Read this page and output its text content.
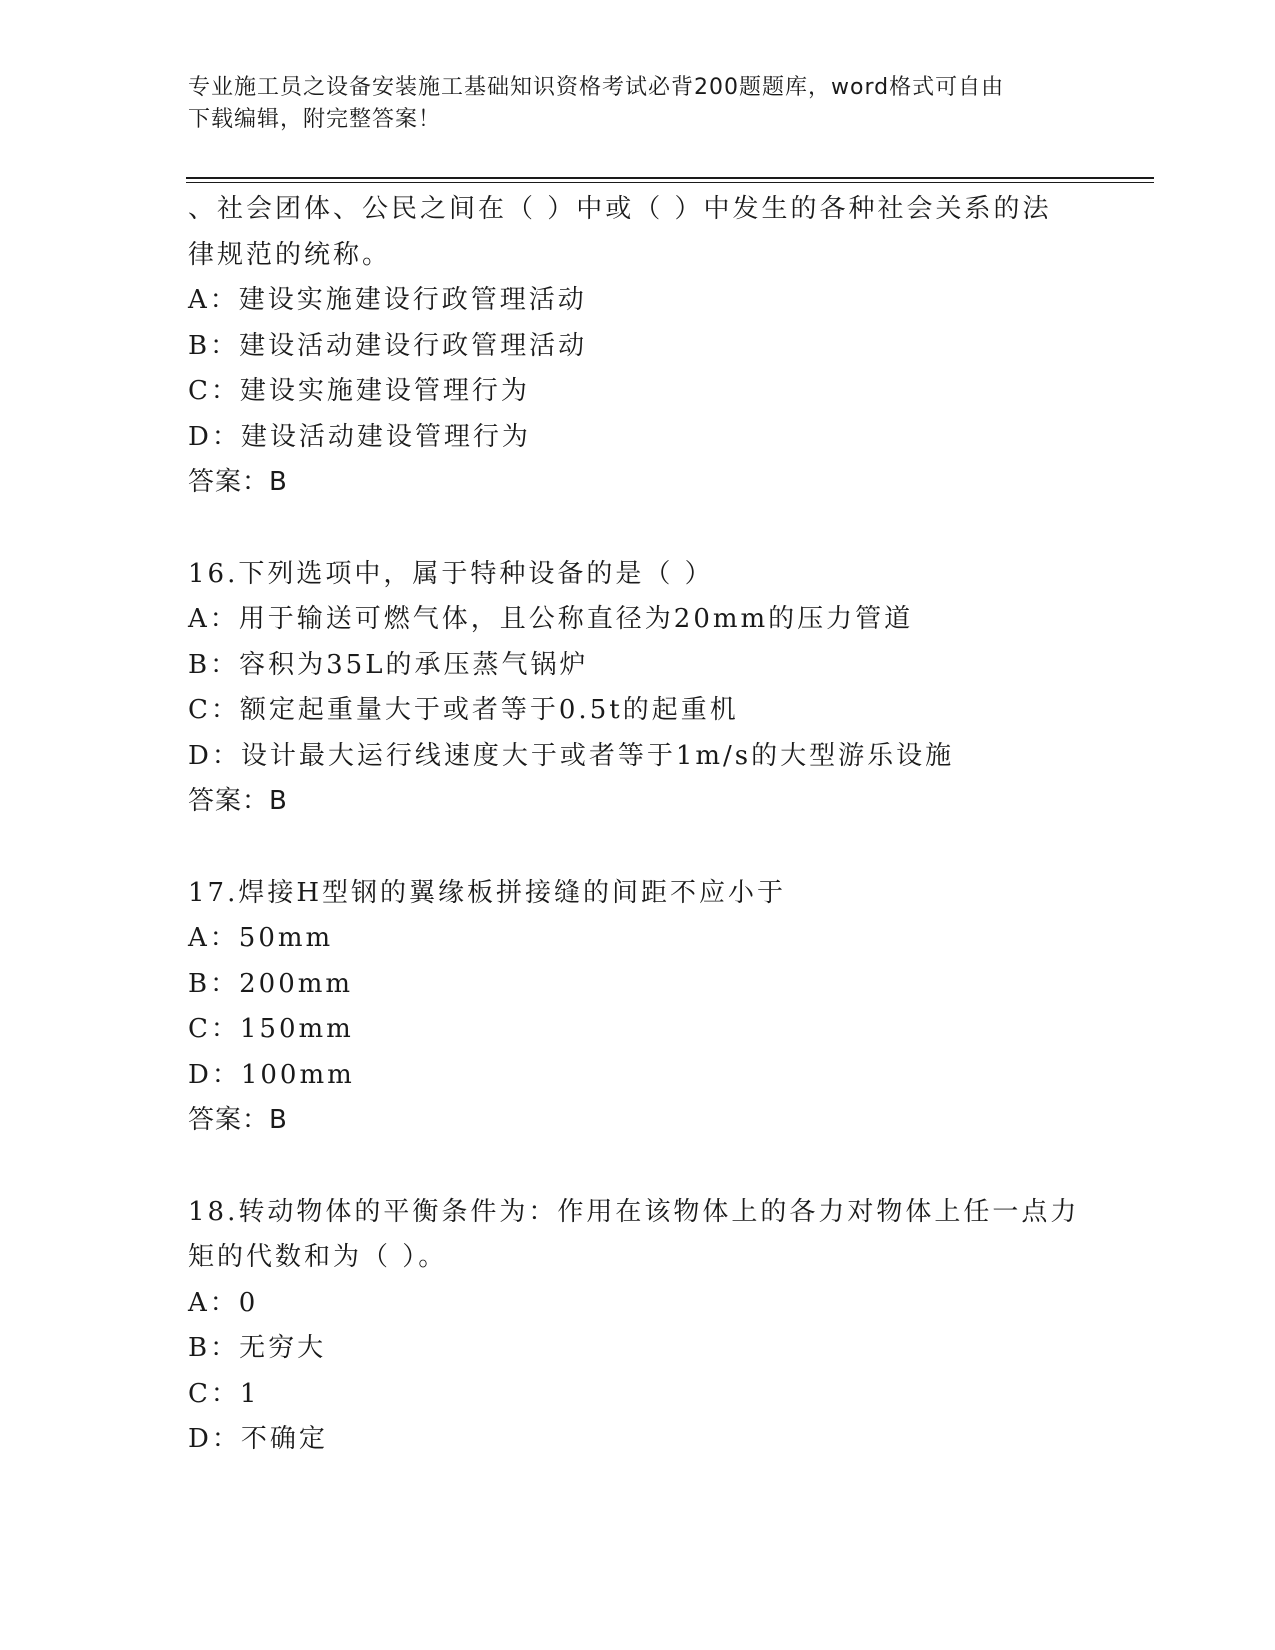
专业施工员之设备安装施工基础知识资格考试必背200题题库，word格式可自由
下载编辑，附完整答案！
、社会团体、公民之间在（ ）中或（ ）中发生的各种社会关系的法
律规范的统称。
A：建设实施建设行政管理活动
B：建设活动建设行政管理活动
C：建设实施建设管理行为
D：建设活动建设管理行为
答案：B
16.下列选项中，属于特种设备的是（ ）
A：用于输送可燃气体，且公称直径为20mm的压力管道
B：容积为35L的承压蒸气锅炉
C：额定起重量大于或者等于0.5t的起重机
D：设计最大运行线速度大于或者等于1m/s的大型游乐设施
答案：B
17.焊接H型钢的翼缘板拼接缝的间距不应小于
A：50mm
B：200mm
C：150mm
D：100mm
答案：B
18.转动物体的平衡条件为：作用在该物体上的各力对物体上任一点力
矩的代数和为（ ）。
A：0
B：无穷大
C：1
D：不确定
